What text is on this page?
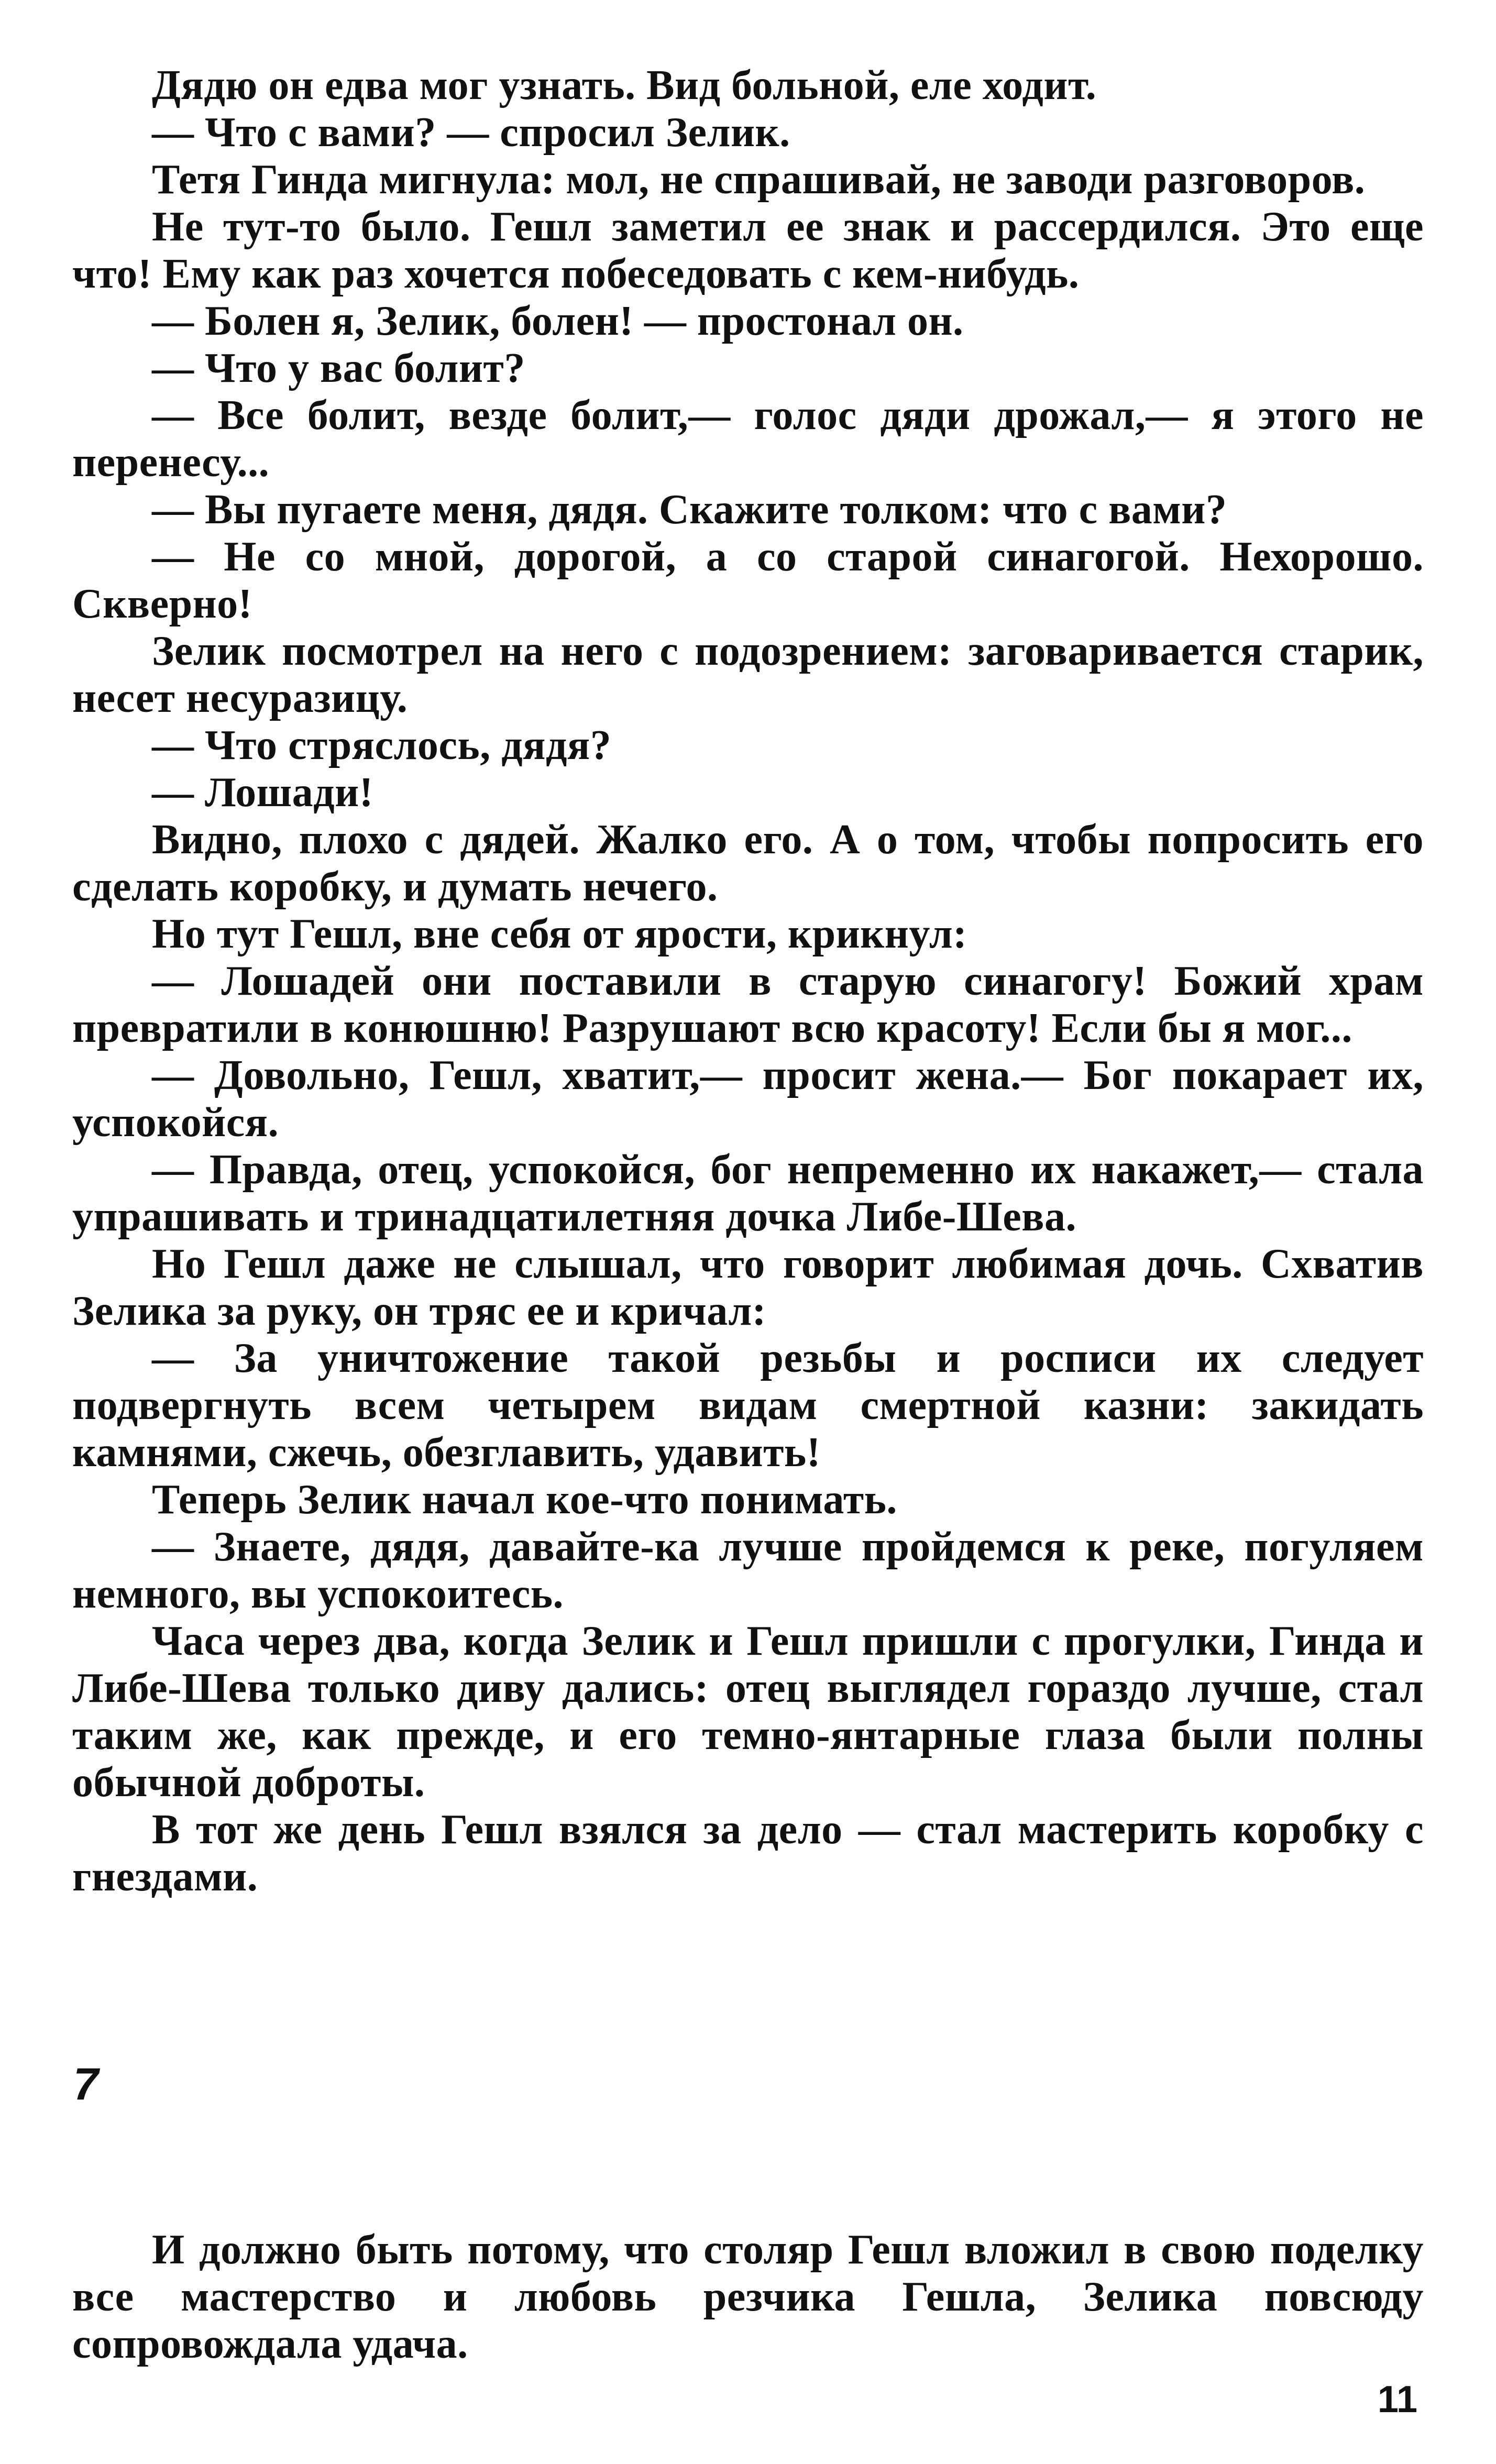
Дядю он едва мог узнать. Вид больной, еле ходит.

— Что с вами? — спросил Зелик.

Тетя Гинда мигнула: мол, не спрашивай, не заводи разговоров.

Не тут-то было. Гешл заметил ее знак и рассердился. Это еще что! Ему как раз хочется побеседовать с кем-нибудь.

— Болен я, Зелик, болен! — простонал он.

— Что у вас болит?

— Все болит, везде болит,— голос дяди дрожал,— я этого не перенесу...

— Вы пугаете меня, дядя. Скажите толком: что с вами?

— Не со мной, дорогой, а со старой синагогой. Нехорошо. Скверно!

Зелик посмотрел на него с подозрением: заговаривается старик, несет несуразицу.

— Что стряслось, дядя?

— Лошади!

Видно, плохо с дядей. Жалко его. А о том, чтобы попросить его сделать коробку, и думать нечего.

Но тут Гешл, вне себя от ярости, крикнул:

— Лошадей они поставили в старую синагогу! Божий храм превратили в конюшню! Разрушают всю красоту! Если бы я мог...

— Довольно, Гешл, хватит,— просит жена.— Бог покарает их, успокойся.

— Правда, отец, успокойся, бог непременно их накажет,— стала упрашивать и тринадцатилетняя дочка Либе-Шева.

Но Гешл даже не слышал, что говорит любимая дочь. Схватив Зелика за руку, он тряс ее и кричал:

— За уничтожение такой резьбы и росписи их следует подвергнуть всем четырем видам смертной казни: закидать камнями, сжечь, обезглавить, удавить!

Теперь Зелик начал кое-что понимать.

— Знаете, дядя, давайте-ка лучше пройдемся к реке, погуляем немного, вы успокоитесь.

Часа через два, когда Зелик и Гешл пришли с прогулки, Гинда и Либе-Шева только диву дались: отец выглядел гораздо лучше, стал таким же, как прежде, и его темно-янтарные глаза были полны обычной доброты.

В тот же день Гешл взялся за дело — стал мастерить коробку с гнездами.

7

И должно быть потому, что столяр Гешл вложил в свою поделку все мастерство и любовь резчика Гешла, Зелика повсюду сопровождала удача.

11
